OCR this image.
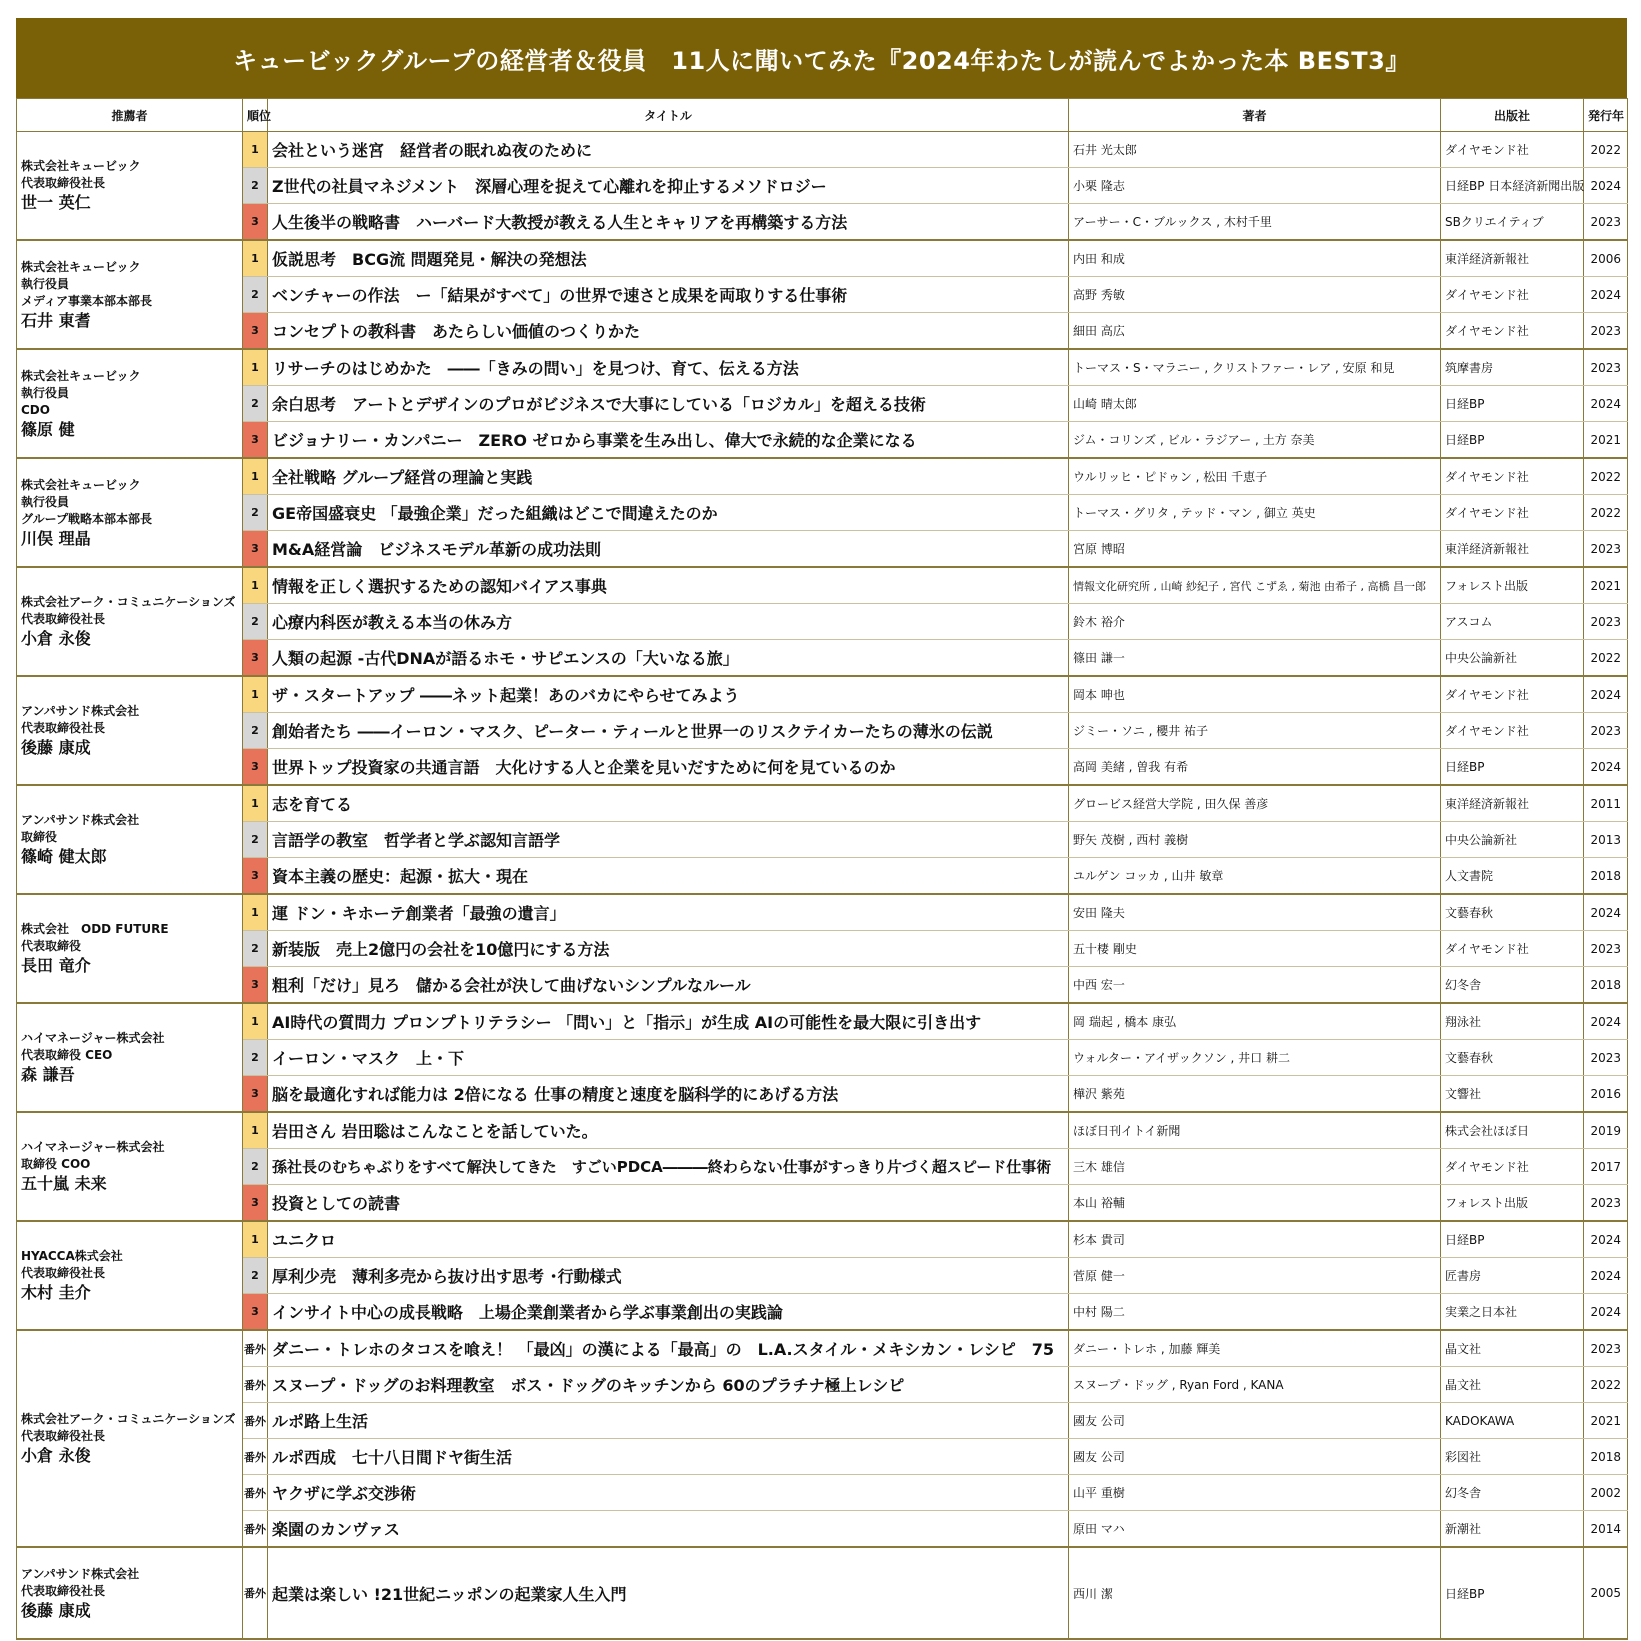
キュービックグループの経営者＆役員　11人に聞いてみた『2024年わたしが読んでよかった本 BEST3』
推薦者	順位	タイトル	著者	出版社	発行年

株式会社キュービック
代表取締役社長
世一 英仁	1	会社という迷宮　経営者の眠れぬ夜のために	石井 光太郎	ダイヤモンド社	2022
	2	Z世代の社員マネジメント　深層心理を捉えて心離れを抑止するメソドロジー	小栗 隆志	日経BP 日本経済新聞出版	2024
	3	人生後半の戦略書　ハーバード大教授が教える人生とキャリアを再構築する方法	アーサー・C・ブルックス , 木村千里	SBクリエイティブ	2023

株式会社キュービック
執行役員
メディア事業本部本部長
石井 東耆	1	仮説思考　BCG流 問題発見・解決の発想法	内田 和成	東洋経済新報社	2006
	2	ベンチャーの作法　ー「結果がすべて」の世界で速さと成果を両取りする仕事術	高野 秀敏	ダイヤモンド社	2024
	3	コンセプトの教科書　あたらしい価値のつくりかた	細田 高広	ダイヤモンド社	2023

株式会社キュービック
執行役員
CDO
篠原 健	1	リサーチのはじめかた　――「きみの問い」を見つけ、育て、伝える方法	トーマス・S・マラニー , クリストファー・レア , 安原 和見	筑摩書房	2023
	2	余白思考　アートとデザインのプロがビジネスで大事にしている「ロジカル」を超える技術	山崎 晴太郎	日経BP	2024
	3	ビジョナリー・カンパニー　ZERO ゼロから事業を生み出し、偉大で永続的な企業になる	ジム・コリンズ , ビル・ラジアー , 土方 奈美	日経BP	2021

株式会社キュービック
執行役員
グループ戦略本部本部長
川俣 理晶	1	全社戦略 グループ経営の理論と実践	ウルリッヒ・ピドゥン , 松田 千恵子	ダイヤモンド社	2022
	2	GE帝国盛衰史 「最強企業」だった組織はどこで間違えたのか	トーマス・グリタ , テッド・マン , 御立 英史	ダイヤモンド社	2022
	3	M&A経営論　ビジネスモデル革新の成功法則	宮原 博昭	東洋経済新報社	2023

株式会社アーク・コミュニケーションズ
代表取締役社長
小倉 永俊	1	情報を正しく選択するための認知バイアス事典	情報文化研究所 , 山崎 紗紀子 , 宮代 こずゑ , 菊池 由希子 , 高橋 昌一郎	フォレスト出版	2021
	2	心療内科医が教える本当の休み方	鈴木 裕介	アスコム	2023
	3	人類の起源 -古代DNAが語るホモ・サピエンスの「大いなる旅」	篠田 謙一	中央公論新社	2022

アンパサンド株式会社
代表取締役社長
後藤 康成	1	ザ・スタートアップ ――ネット起業！あのバカにやらせてみよう	岡本 呻也	ダイヤモンド社	2024
	2	創始者たち ――イーロン・マスク、ピーター・ティールと世界一のリスクテイカーたちの薄氷の伝説	ジミー・ソニ , 櫻井 祐子	ダイヤモンド社	2023
	3	世界トップ投資家の共通言語　大化けする人と企業を見いだすために何を見ているのか	高岡 美緒 , 曽我 有希	日経BP	2024

アンパサンド株式会社
取締役
篠崎 健太郎	1	志を育てる	グロービス経営大学院 , 田久保 善彦	東洋経済新報社	2011
	2	言語学の教室　哲学者と学ぶ認知言語学	野矢 茂樹 , 西村 義樹	中央公論新社	2013
	3	資本主義の歴史：起源・拡大・現在	ユルゲン コッカ , 山井 敏章	人文書院	2018

株式会社　ODD FUTURE
代表取締役
長田 竜介	1	運 ドン・キホーテ創業者「最強の遺言」	安田 隆夫	文藝春秋	2024
	2	新装版　売上2億円の会社を10億円にする方法	五十棲 剛史	ダイヤモンド社	2023
	3	粗利「だけ」見ろ　儲かる会社が決して曲げないシンプルなルール	中西 宏一	幻冬舎	2018

ハイマネージャー株式会社
代表取締役 CEO
森 謙吾	1	AI時代の質問力 プロンプトリテラシー 「問い」と「指示」が生成 AIの可能性を最大限に引き出す	岡 瑞起 , 橋本 康弘	翔泳社	2024
	2	イーロン・マスク　上・下	ウォルター・アイザックソン , 井口 耕二	文藝春秋	2023
	3	脳を最適化すれば能力は 2倍になる 仕事の精度と速度を脳科学的にあげる方法	樺沢 紫苑	文響社	2016

ハイマネージャー株式会社
取締役 COO
五十嵐 未来	1	岩田さん 岩田聡はこんなことを話していた。	ほぼ日刊イトイ新聞	株式会社ほぼ日	2019
	2	孫社長のむちゃぶりをすべて解決してきた　すごいPDCA―――終わらない仕事がすっきり片づく超スピード仕事術	三木 雄信	ダイヤモンド社	2017
	3	投資としての読書	本山 裕輔	フォレスト出版	2023

HYACCA株式会社
代表取締役社長
木村 圭介	1	ユニクロ	杉本 貴司	日経BP	2024
	2	厚利少売　薄利多売から抜け出す思考 ･行動様式	菅原 健一	匠書房	2024
	3	インサイト中心の成長戦略　上場企業創業者から学ぶ事業創出の実践論	中村 陽二	実業之日本社	2024

株式会社アーク・コミュニケーションズ
代表取締役社長
小倉 永俊	番外	ダニー・トレホのタコスを喰え！ 「最凶」の漢による「最高」の　L.A.スタイル・メキシカン・レシピ　75	ダニー・トレホ , 加藤 輝美	晶文社	2023
	番外	スヌープ・ドッグのお料理教室　ボス・ドッグのキッチンから 60のプラチナ極上レシピ	スヌープ・ドッグ , Ryan Ford , KANA	晶文社	2022
	番外	ルポ路上生活	國友 公司	KADOKAWA	2021
	番外	ルポ西成　七十八日間ドヤ街生活	國友 公司	彩図社	2018
	番外	ヤクザに学ぶ交渉術	山平 重樹	幻冬舎	2002
	番外	楽園のカンヴァス	原田 マハ	新潮社	2014

アンパサンド株式会社
代表取締役社長
後藤 康成	番外	起業は楽しい !21世紀ニッポンの起業家人生入門	西川 潔	日経BP	2005
